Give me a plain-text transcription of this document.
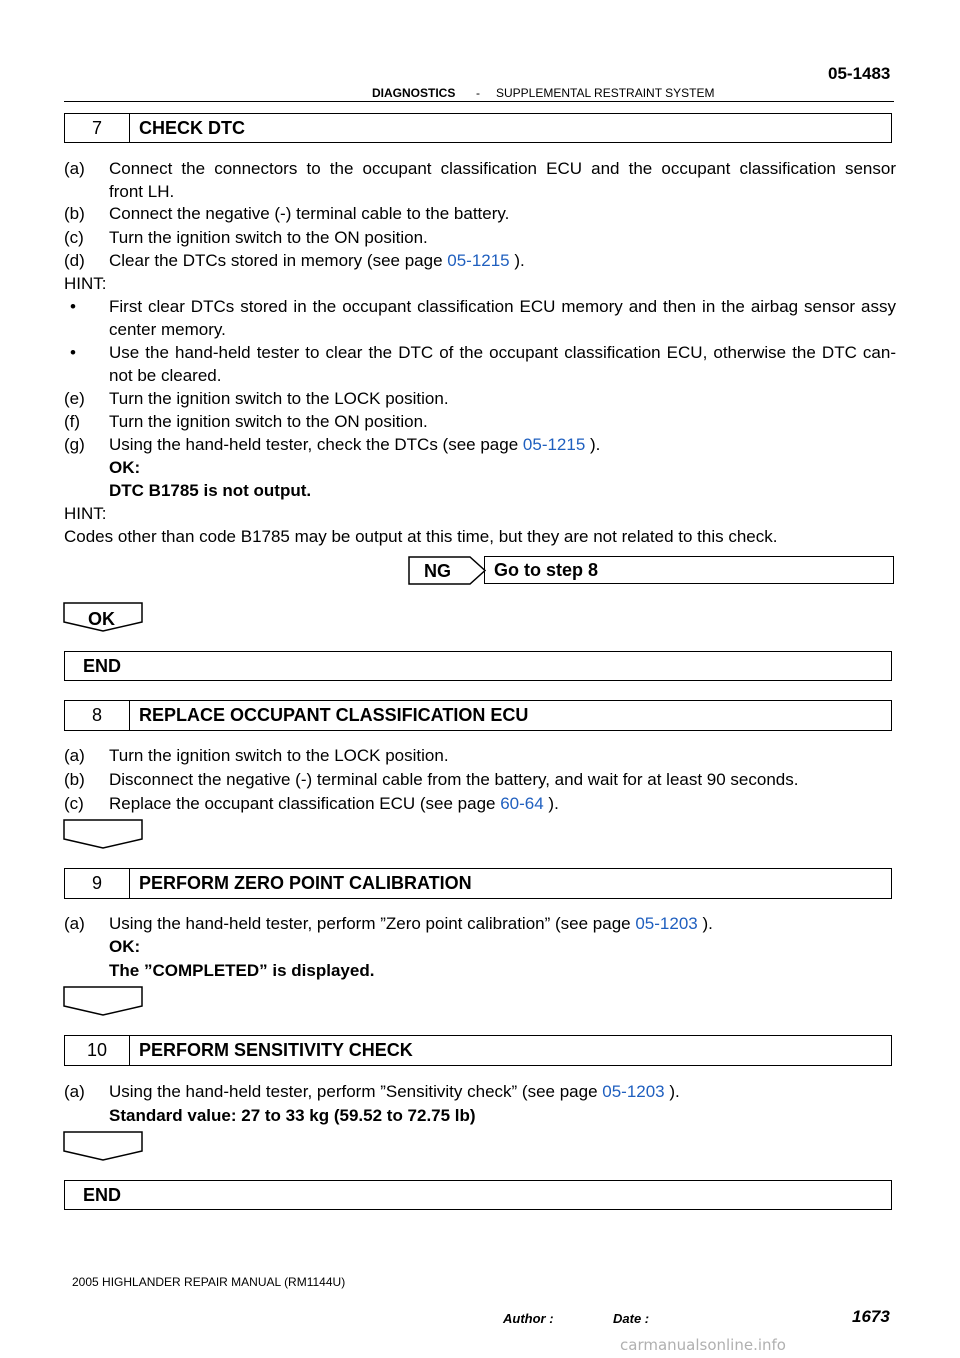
05-1483
DIAGNOSTICS - SUPPLEMENTAL RESTRAINT SYSTEM
7	CHECK DTC
(a) Connect the connectors to the occupant classification ECU and the occupant classification sensor
front LH.
(b) Connect the negative (-) terminal cable to the battery.
(c) Turn the ignition switch to the ON position.
(d) Clear the DTCs stored in memory (see page 05-1215 ).
HINT:
• First clear DTCs stored in the occupant classification ECU memory and then in the airbag sensor assy
center memory.
• Use the hand-held tester to clear the DTC of the occupant classification ECU, otherwise the DTC can-
not be cleared.
(e) Turn the ignition switch to the LOCK position.
(f) Turn the ignition switch to the ON position.
(g) Using the hand-held tester, check the DTCs (see page 05-1215 ).
OK:
DTC B1785 is not output.
HINT:
Codes other than code B1785 may be output at this time, but they are not related to this check.
NG Go to step 8
OK
END
8	REPLACE OCCUPANT CLASSIFICATION ECU
(a) Turn the ignition switch to the LOCK position.
(b) Disconnect the negative (-) terminal cable from the battery, and wait for at least 90 seconds.
(c) Replace the occupant classification ECU (see page 60-64 ).
9	PERFORM ZERO POINT CALIBRATION
(a) Using the hand-held tester, perform ”Zero point calibration” (see page 05-1203 ).
OK:
The ”COMPLETED” is displayed.
10	PERFORM SENSITIVITY CHECK
(a) Using the hand-held tester, perform ”Sensitivity check” (see page 05-1203 ).
Standard value: 27 to 33 kg (59.52 to 72.75 lb)
END
2005 HIGHLANDER REPAIR MANUAL (RM1144U)
Author :	Date :	1673
carmanualsonline.info
